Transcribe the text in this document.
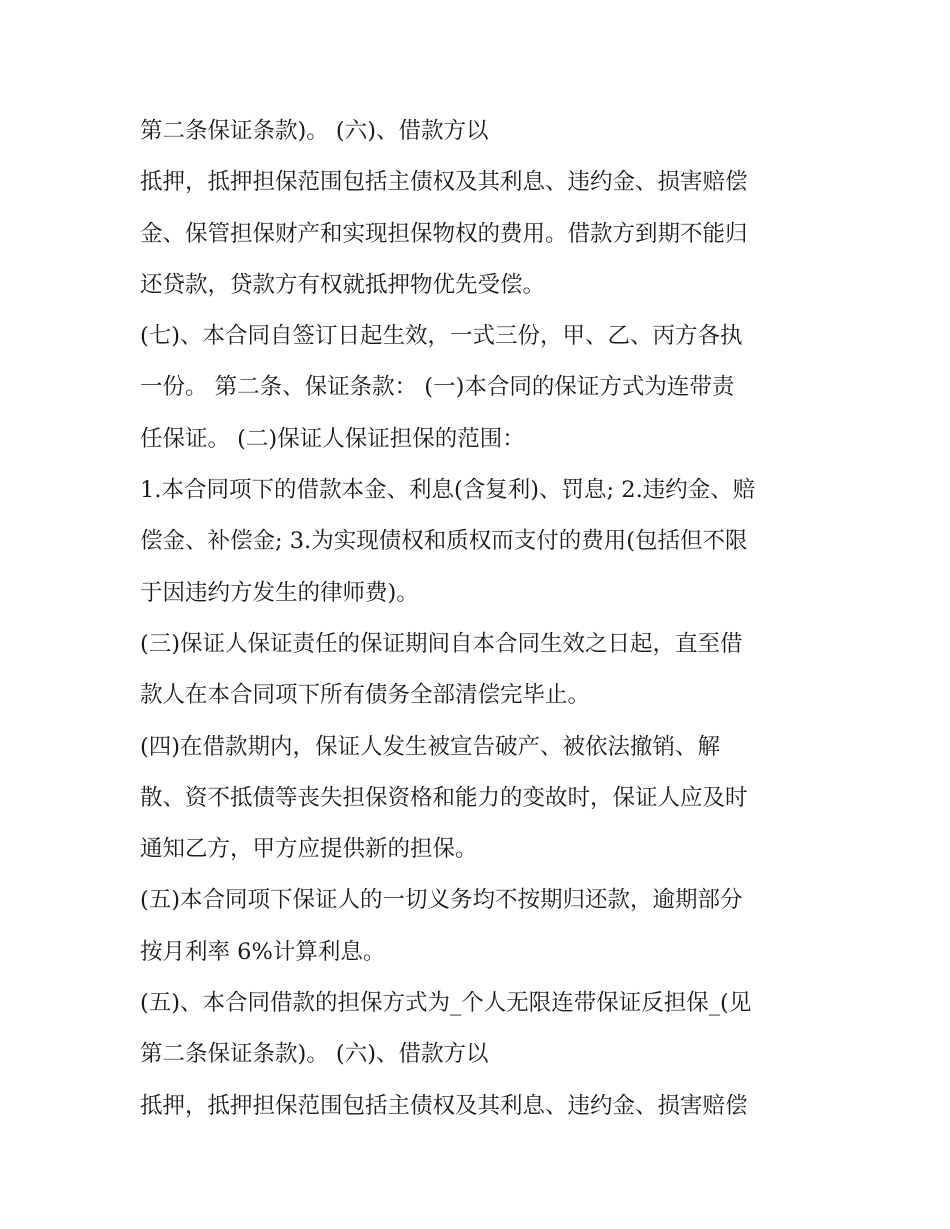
第二条保证条款)。 (六)、借款方以
抵押，抵押担保范围包括主债权及其利息、违约金、损害赔偿
金、保管担保财产和实现担保物权的费用。借款方到期不能归
还贷款，贷款方有权就抵押物优先受偿。
(七)、本合同自签订日起生效，一式三份，甲、乙、丙方各执
一份。 第二条、保证条款： (一)本合同的保证方式为连带责
任保证。 (二)保证人保证担保的范围：
1.本合同项下的借款本金、利息(含复利)、罚息; 2.违约金、赔
偿金、补偿金; 3.为实现债权和质权而支付的费用(包括但不限
于因违约方发生的律师费)。
(三)保证人保证责任的保证期间自本合同生效之日起，直至借
款人在本合同项下所有债务全部清偿完毕止。
(四)在借款期内，保证人发生被宣告破产、被依法撤销、解
散、资不抵债等丧失担保资格和能力的变故时，保证人应及时
通知乙方，甲方应提供新的担保。
(五)本合同项下保证人的一切义务均不按期归还款，逾期部分
按月利率 6%计算利息。
(五)、本合同借款的担保方式为_个人无限连带保证反担保_(见
第二条保证条款)。 (六)、借款方以
抵押，抵押担保范围包括主债权及其利息、违约金、损害赔偿
